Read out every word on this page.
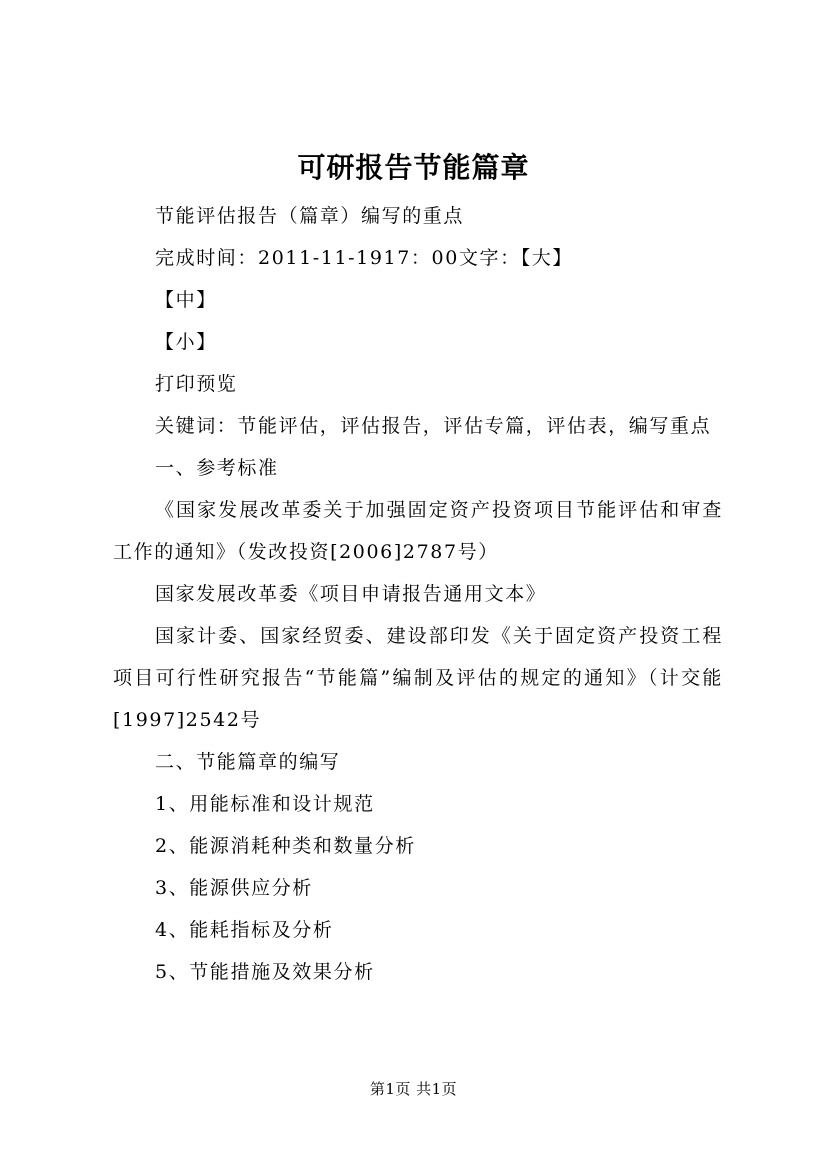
可研报告节能篇章

节能评估报告（篇章）编写的重点

完成时间：2011-11-1917：00文字：【大】

【中】

【小】

打印预览

关键词：节能评估，评估报告，评估专篇，评估表，编写重点

一、参考标准

《国家发展改革委关于加强固定资产投资项目节能评估和审查工作的通知》（发改投资[2006]2787号）

国家发展改革委《项目申请报告通用文本》

国家计委、国家经贸委、建设部印发《关于固定资产投资工程项目可行性研究报告“节能篇”编制及评估的规定的通知》（计交能[1997]2542号

二、节能篇章的编写

1、用能标准和设计规范

2、能源消耗种类和数量分析

3、能源供应分析

4、能耗指标及分析

5、节能措施及效果分析

第1页 共1页
